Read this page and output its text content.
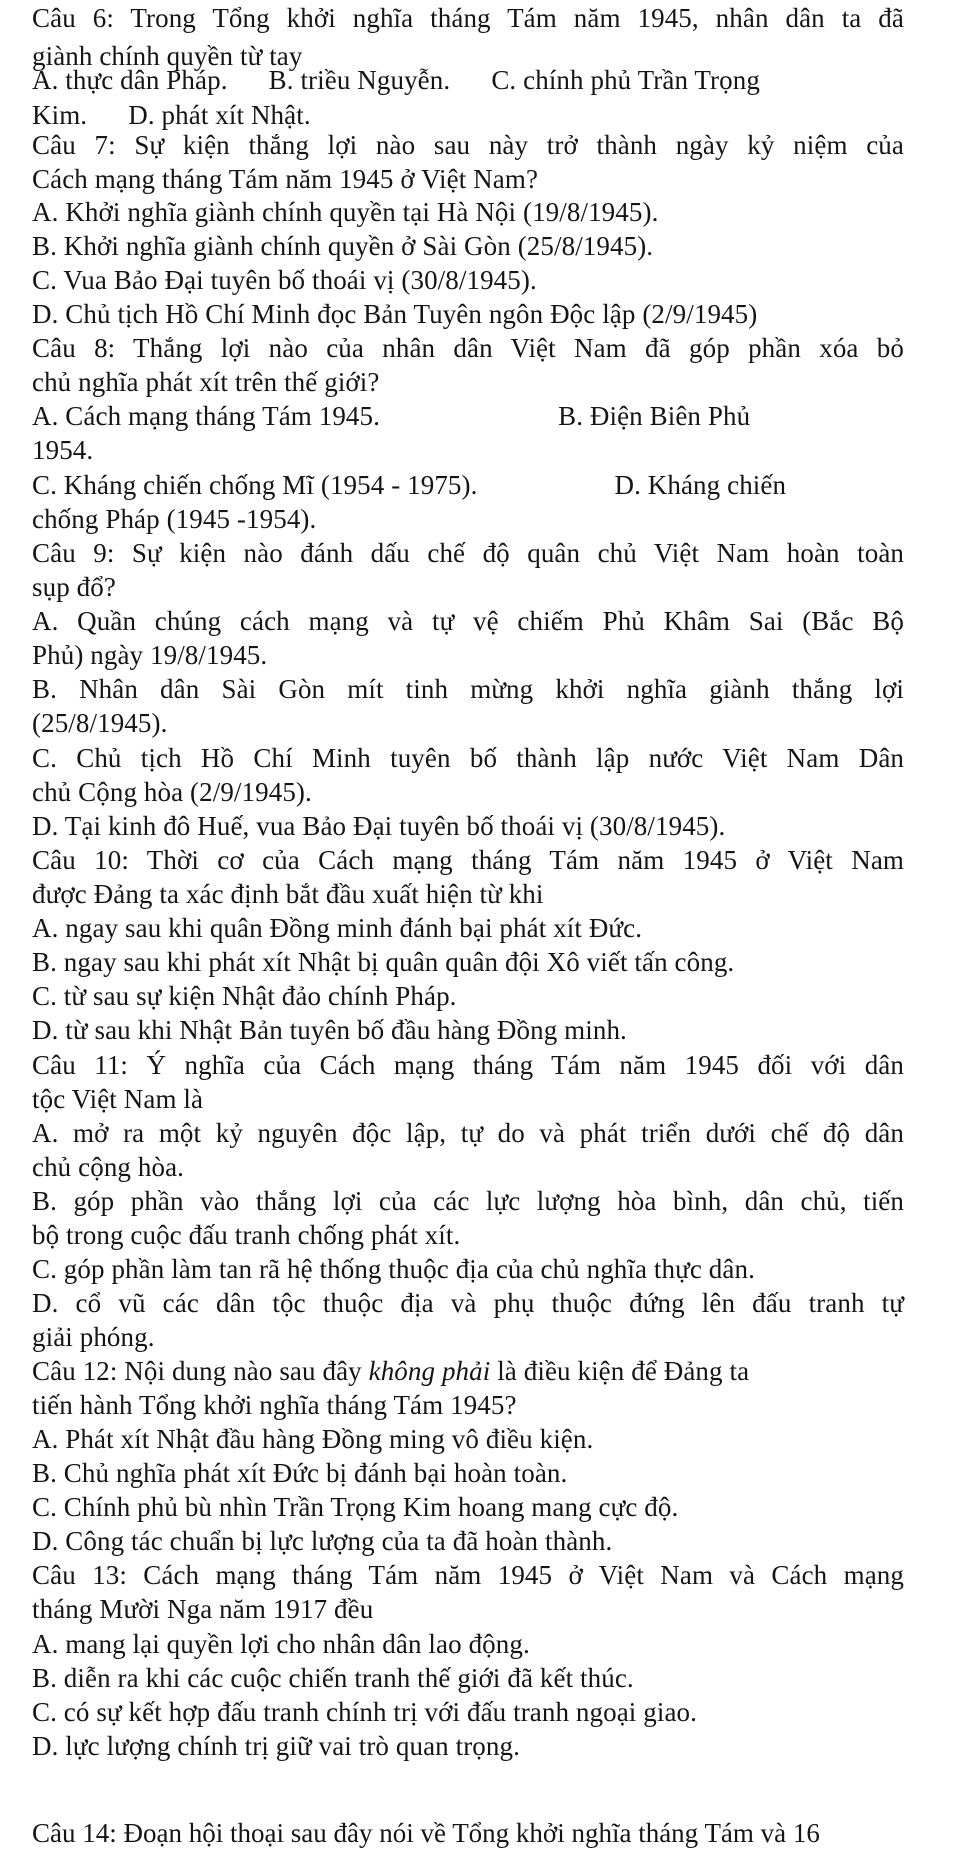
Câu 6: Trong Tổng khởi nghĩa tháng Tám năm 1945, nhân dân ta đã
giành chính quyền từ tay
A. thực dân Pháp.      B. triều Nguyễn.      C. chính phủ Trần Trọng
Kim.      D. phát xít Nhật.
Câu 7: Sự kiện thắng lợi nào sau này trở thành ngày kỷ niệm của
Cách mạng tháng Tám năm 1945 ở Việt Nam?
A. Khởi nghĩa giành chính quyền tại Hà Nội (19/8/1945).
B. Khởi nghĩa giành chính quyền ở Sài Gòn (25/8/1945).
C. Vua Bảo Đại tuyên bố thoái vị (30/8/1945).
D. Chủ tịch Hồ Chí Minh đọc Bản Tuyên ngôn Độc lập (2/9/1945)
Câu 8: Thắng lợi nào của nhân dân Việt Nam đã góp phần xóa bỏ
chủ nghĩa phát xít trên thế giới?
A. Cách mạng tháng Tám 1945.                          B. Điện Biên Phủ
1954.
C. Kháng chiến chống Mĩ (1954 - 1975).                    D. Kháng chiến
chống Pháp (1945 -1954).
Câu 9: Sự kiện nào đánh dấu chế độ quân chủ Việt Nam hoàn toàn
sụp đổ?
A. Quần chúng cách mạng và tự vệ chiếm Phủ Khâm Sai (Bắc Bộ
Phủ) ngày 19/8/1945.
B. Nhân dân Sài Gòn mít tinh mừng khởi nghĩa giành thắng lợi
(25/8/1945).
C. Chủ tịch Hồ Chí Minh tuyên bố thành lập nước Việt Nam Dân
chủ Cộng hòa (2/9/1945).
D. Tại kinh đô Huế, vua Bảo Đại tuyên bố thoái vị (30/8/1945).
Câu 10: Thời cơ của Cách mạng tháng Tám năm 1945 ở Việt Nam
được Đảng ta xác định bắt đầu xuất hiện từ khi
A. ngay sau khi quân Đồng minh đánh bại phát xít Đức.
B. ngay sau khi phát xít Nhật bị quân quân đội Xô viết tấn công.
C. từ sau sự kiện Nhật đảo chính Pháp.
D. từ sau khi Nhật Bản tuyên bố đầu hàng Đồng minh.
Câu 11: Ý nghĩa của Cách mạng tháng Tám năm 1945 đối với dân
tộc Việt Nam là
A. mở ra một kỷ nguyên độc lập, tự do và phát triển dưới chế độ dân
chủ cộng hòa.
B. góp phần vào thắng lợi của các lực lượng hòa bình, dân chủ, tiến
bộ trong cuộc đấu tranh chống phát xít.
C. góp phần làm tan rã hệ thống thuộc địa của chủ nghĩa thực dân.
D. cổ vũ các dân tộc thuộc địa và phụ thuộc đứng lên đấu tranh tự
giải phóng.
Câu 12: Nội dung nào sau đây không phải là điều kiện để Đảng ta
tiến hành Tổng khởi nghĩa tháng Tám 1945?
A. Phát xít Nhật đầu hàng Đồng ming vô điều kiện.
B. Chủ nghĩa phát xít Đức bị đánh bại hoàn toàn.
C. Chính phủ bù nhìn Trần Trọng Kim hoang mang cực độ.
D. Công tác chuẩn bị lực lượng của ta đã hoàn thành.
Câu 13: Cách mạng tháng Tám năm 1945 ở Việt Nam và Cách mạng
tháng Mười Nga năm 1917 đều
A. mang lại quyền lợi cho nhân dân lao động.
B. diễn ra khi các cuộc chiến tranh thế giới đã kết thúc.
C. có sự kết hợp đấu tranh chính trị với đấu tranh ngoại giao.
D. lực lượng chính trị giữ vai trò quan trọng.
Câu 14: Đoạn hội thoại sau đây nói về Tổng khởi nghĩa tháng Tám và 16
